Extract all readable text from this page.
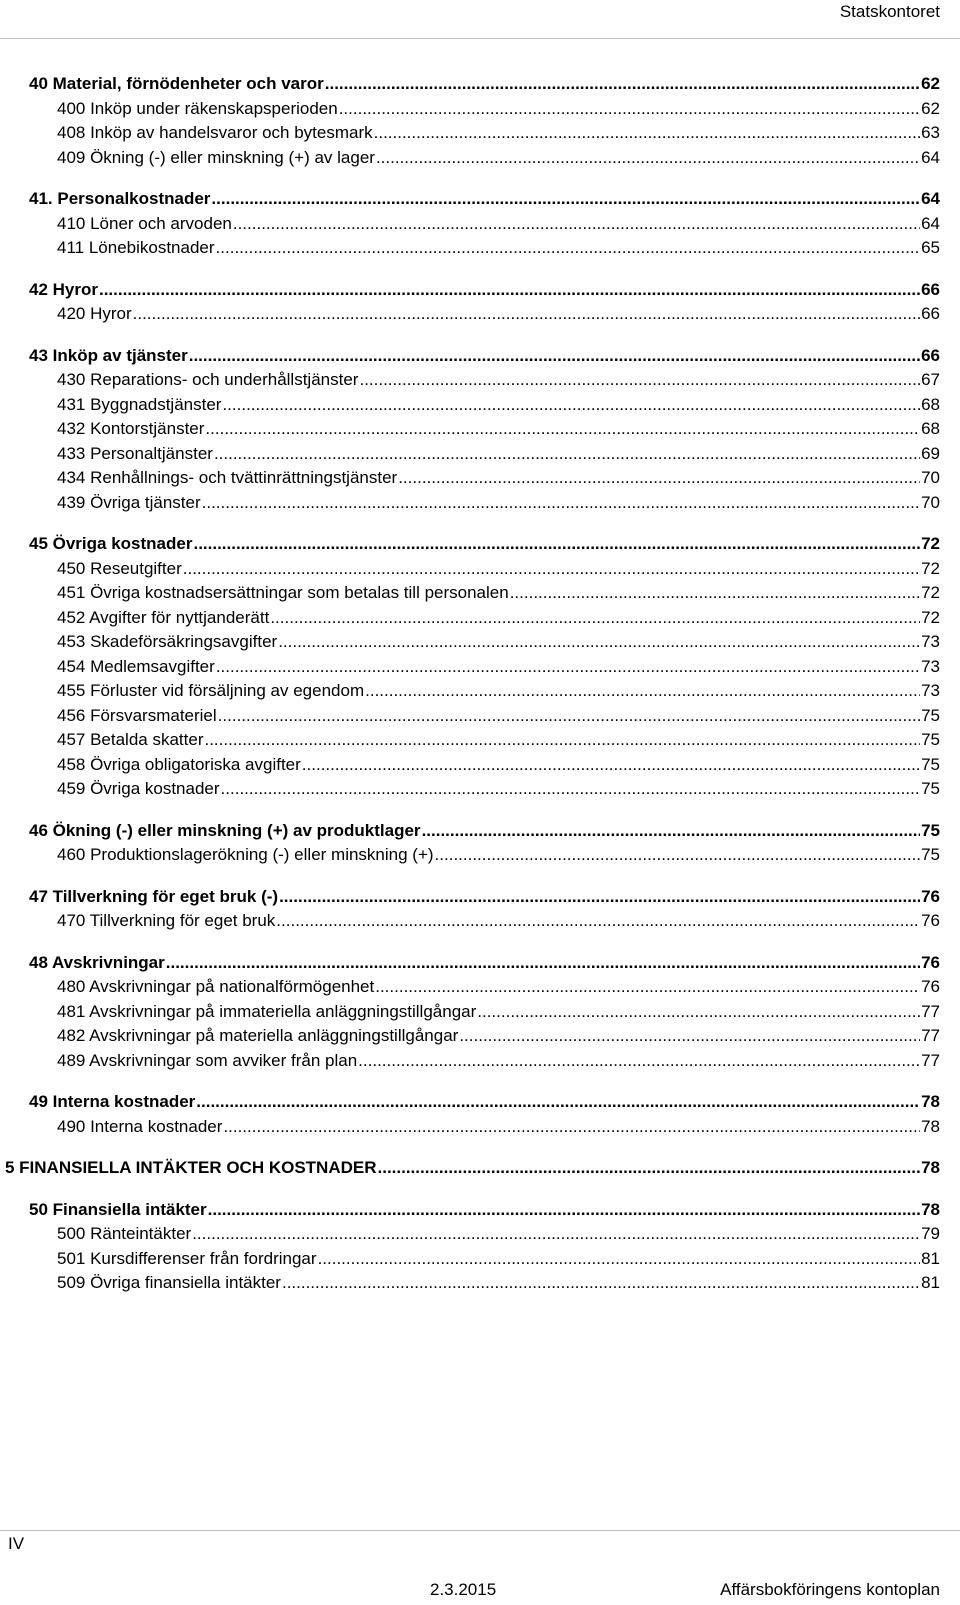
Statskontoret
40 Material, förnödenheter och varor .....	62
400 Inköp under räkenskapsperioden .....	62
408 Inköp av handelsvaror och bytesmark .....	63
409 Ökning (-) eller minskning (+) av lager .....	64
41. Personalkostnader .....	64
410 Löner och arvoden .....	64
411 Lönebikostnader .....	65
42 Hyror .....	66
420 Hyror .....	66
43 Inköp av tjänster .....	66
430 Reparations- och underhållstjänster .....	67
431 Byggnadstjänster .....	68
432 Kontorstjänster .....	68
433 Personaltjänster .....	69
434 Renhållnings- och tvättinrättningstjänster .....	70
439 Övriga tjänster .....	70
45 Övriga kostnader .....	72
450 Reseutgifter .....	72
451 Övriga kostnadsersättningar som betalas till personalen .....	72
452 Avgifter för nyttjanderätt .....	72
453 Skadeförsäkringsavgifter .....	73
454 Medlemsavgifter .....	73
455 Förluster vid försäljning av egendom .....	73
456 Försvarsmateriel .....	75
457 Betalda skatter .....	75
458 Övriga obligatoriska avgifter .....	75
459 Övriga kostnader .....	75
46 Ökning (-) eller minskning (+) av produktlager .....	75
460 Produktionslagerökning (-) eller minskning (+) .....	75
47 Tillverkning för eget bruk (-) .....	76
470 Tillverkning för eget bruk .....	76
48 Avskrivningar .....	76
480 Avskrivningar på nationalförmögenhet .....	76
481 Avskrivningar på immateriella anläggningstillgångar .....	77
482 Avskrivningar på materiella anläggningstillgångar .....	77
489 Avskrivningar som avviker från plan .....	77
49 Interna kostnader .....	78
490 Interna kostnader .....	78
5 FINANSIELLA INTÄKTER OCH KOSTNADER .....	78
50 Finansiella intäkter .....	78
500 Ränteintäkter .....	79
501 Kursdifferenser från fordringar .....	81
509 Övriga finansiella intäkter .....	81
IV
2.3.2015	Affärsbokföringens kontoplan
